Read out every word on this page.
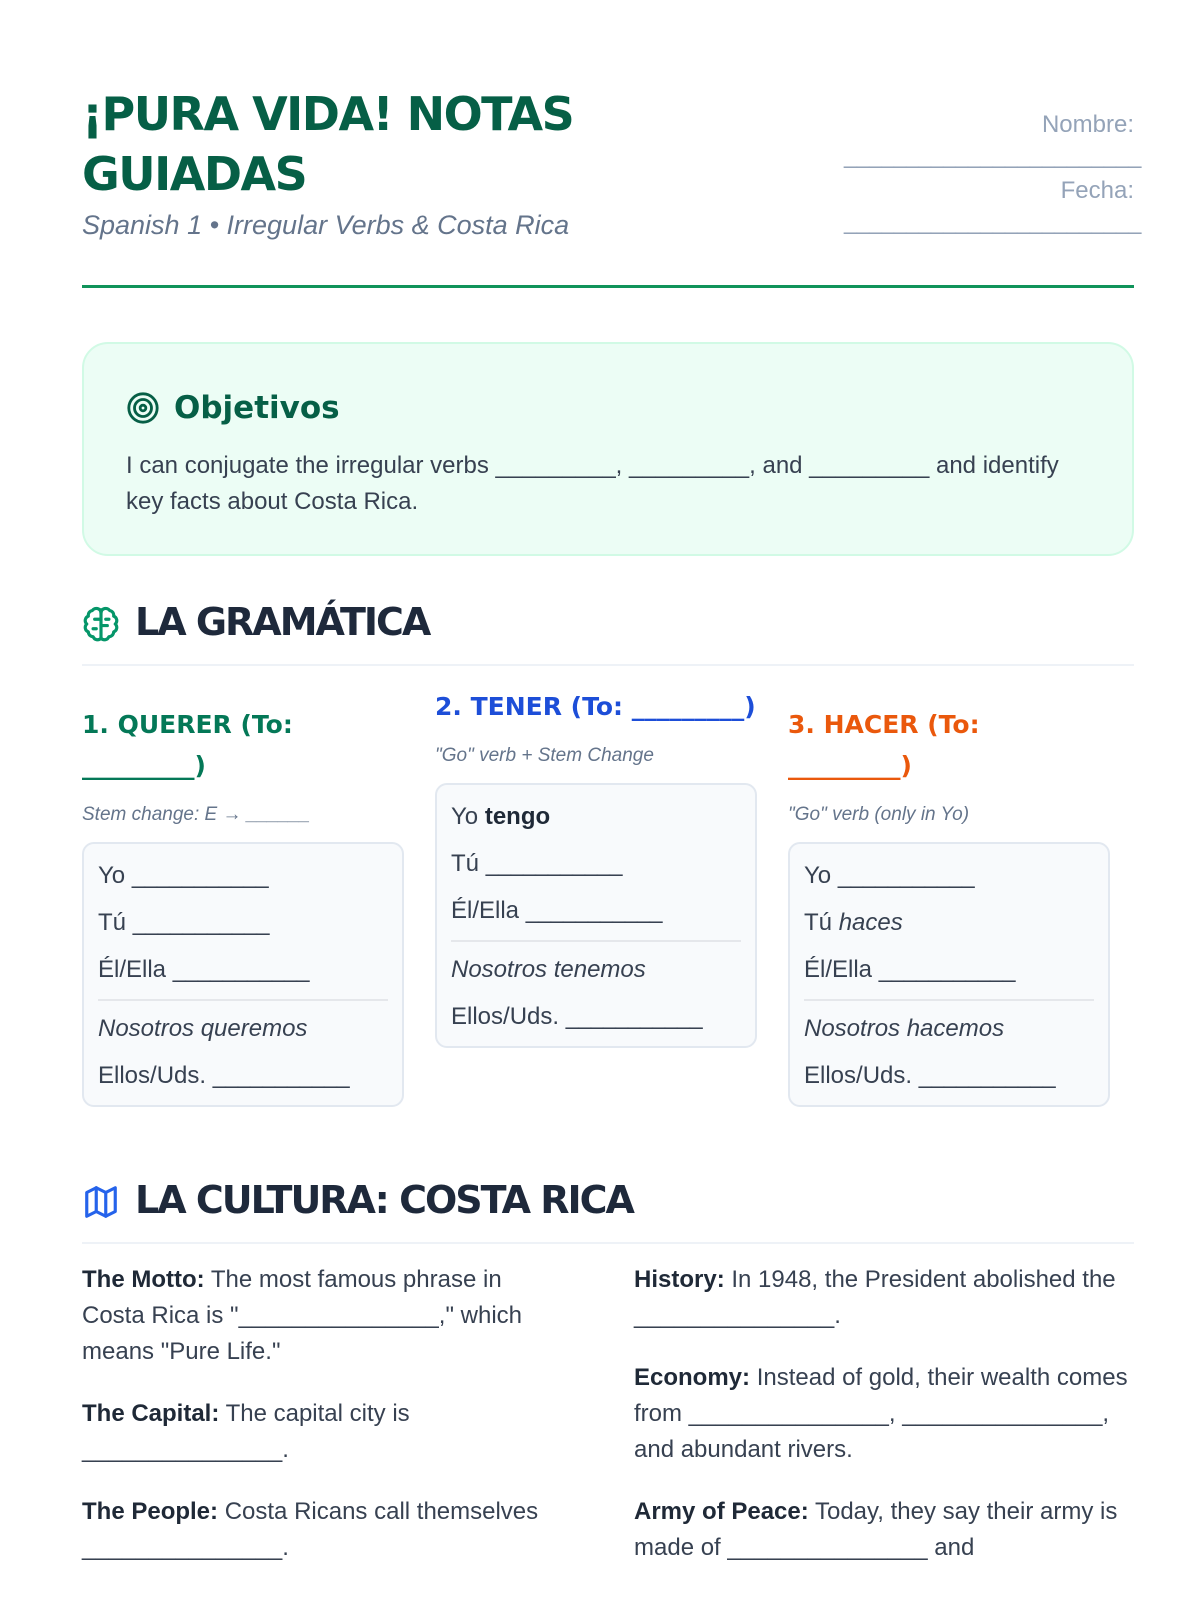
¡PURA VIDA! NOTAS
GUIADAS
Spanish 1 • Irregular Verbs & Costa Rica
Nombre:
________________________
Fecha:
________________________
Objetivos
I can conjugate the irregular verbs _________, _________, and _________ and identify key facts about Costa Rica.
LA GRAMÁTICA
1. QUERER (To: _________)
Stem change: E → ______
Yo ___________
Tú ___________
Él/Ella ___________
Nosotros queremos
Ellos/Uds. ___________
2. TENER (To: _________)
"Go" verb + Stem Change
Yo tengo
Tú ___________
Él/Ella ___________
Nosotros tenemos
Ellos/Uds. ___________
3. HACER (To: _________)
"Go" verb (only in Yo)
Yo ___________
Tú haces
Él/Ella ___________
Nosotros hacemos
Ellos/Uds. ___________
LA CULTURA: COSTA RICA

The Motto: The most famous phrase in Costa Rica is "_______________," which means "Pure Life."

The Capital: The capital city is _______________.

The People: Costa Ricans call themselves _______________.

History: In 1948, the President abolished the _______________.

Economy: Instead of gold, their wealth comes from _______________, _______________, and abundant rivers.

Army of Peace: Today, they say their army is made of _______________ and
